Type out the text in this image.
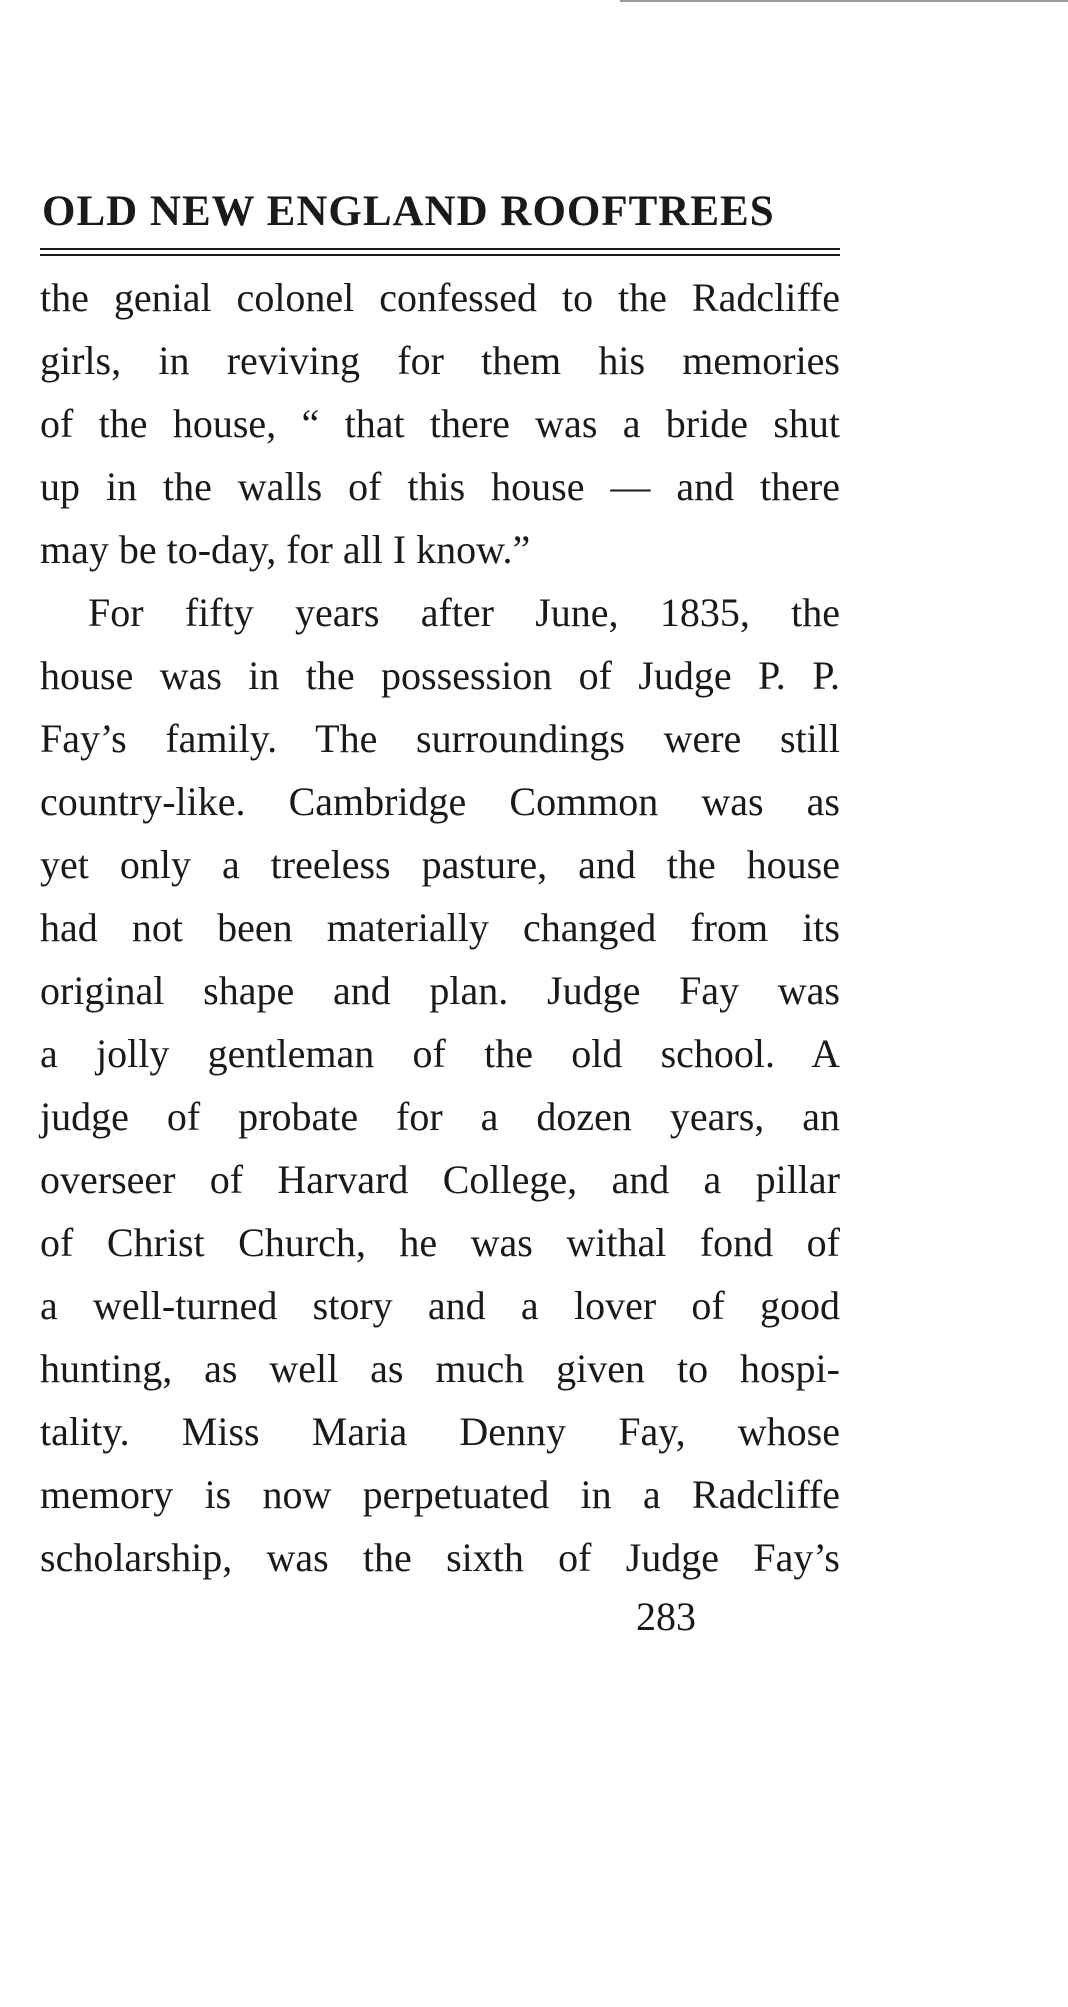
OLD NEW ENGLAND ROOFTREES

the genial colonel confessed to the Radcliffe
girls, in reviving for them his memories
of the house, “ that there was a bride shut
up in the walls of this house — and there
may be to-day, for all I know.”

For fifty years after June, 1835, the
house was in the possession of Judge P. P.
Fay’s family. The surroundings were still
country-like. Cambridge Common was as
yet only a treeless pasture, and the house
had not been materially changed from its
original shape and plan. Judge Fay was
a jolly gentleman of the old school. A
judge of probate for a dozen years, an
overseer of Harvard College, and a pillar
of Christ Church, he was withal fond of
a well-turned story and a lover of good
hunting, as well as much given to hospi-
tality. Miss Maria Denny Fay, whose
memory is now perpetuated in a Radcliffe
scholarship, was the sixth of Judge Fay’s

283
